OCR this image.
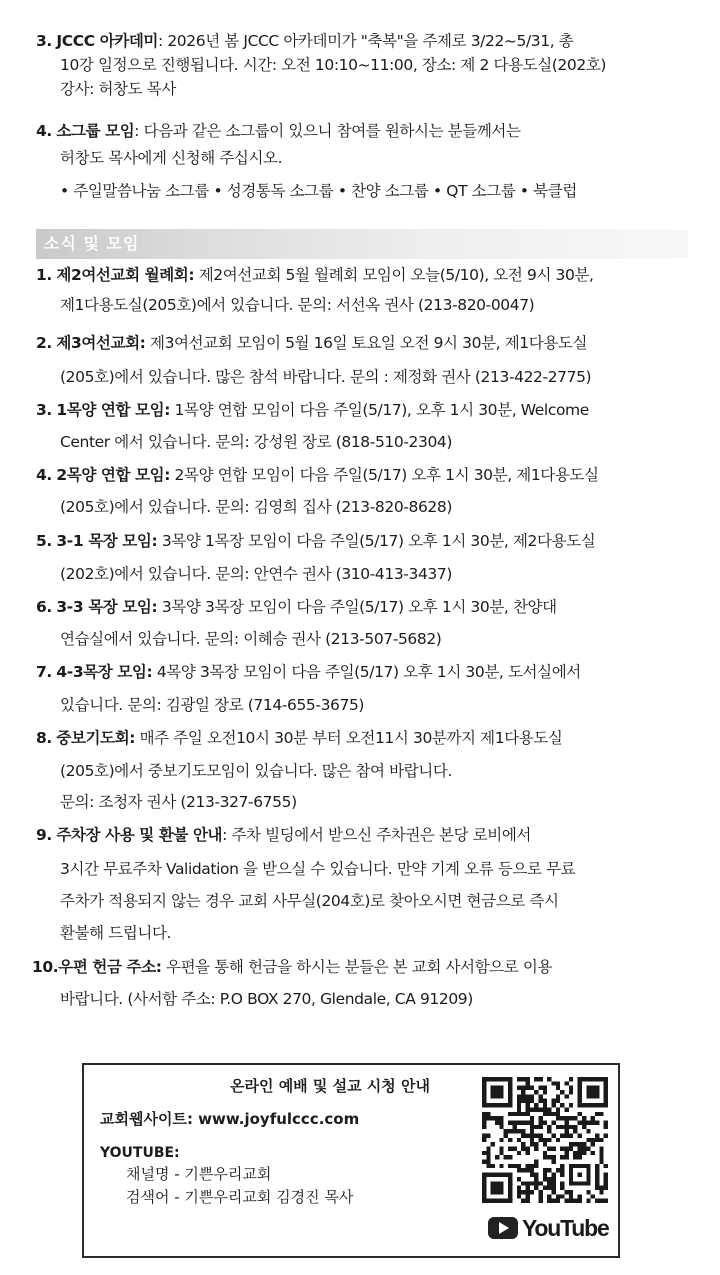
3. JCCC 아카데미: 2026년 봄 JCCC 아카데미가 "축복"을 주제로 3/22~5/31, 총
10강 일정으로 진행됩니다. 시간: 오전 10:10~11:00, 장소: 제 2 다용도실(202호)
강사: 허창도 목사
4. 소그룹 모임: 다음과 같은 소그룹이 있으니 참여를 원하시는 분들께서는
허창도 목사에게 신청해 주십시오.
• 주일말씀나눔 소그룹 • 성경통독 소그룹 • 찬양 소그룹 • QT 소그룹 • 북클럽
소식 및 모임
1. 제2여선교회 월례회: 제2여선교회 5월 월례회 모임이 오늘(5/10), 오전 9시 30분,
제1다용도실(205호)에서 있습니다. 문의: 서선옥 권사 (213-820-0047)
2. 제3여선교회: 제3여선교회 모임이 5월 16일 토요일 오전 9시 30분, 제1다용도실
(205호)에서 있습니다. 많은 참석 바랍니다. 문의 : 제정화 권사 (213-422-2775)
3. 1목양 연합 모임: 1목양 연합 모임이 다음 주일(5/17), 오후 1시 30분, Welcome
Center 에서 있습니다. 문의: 강성원 장로 (818-510-2304)
4. 2목양 연합 모임: 2목양 연합 모임이 다음 주일(5/17) 오후 1시 30분, 제1다용도실
(205호)에서 있습니다. 문의: 김영희 집사 (213-820-8628)
5. 3-1 목장 모임: 3목양 1목장 모임이 다음 주일(5/17) 오후 1시 30분, 제2다용도실
(202호)에서 있습니다. 문의: 안연수 권사 (310-413-3437)
6. 3-3 목장 모임: 3목양 3목장 모임이 다음 주일(5/17) 오후 1시 30분, 찬양대
연습실에서 있습니다. 문의: 이혜승 권사 (213-507-5682)
7. 4-3목장 모임: 4목양 3목장 모임이 다음 주일(5/17) 오후 1시 30분, 도서실에서
있습니다. 문의: 김광일 장로 (714-655-3675)
8. 중보기도회: 매주 주일 오전10시 30분 부터 오전11시 30분까지 제1다용도실
(205호)에서 중보기도모임이 있습니다. 많은 참여 바랍니다.
문의: 조청자 권사 (213-327-6755)
9. 주차장 사용 및 환불 안내: 주차 빌딩에서 받으신 주차권은 본당 로비에서
3시간 무료주차 Validation 을 받으실 수 있습니다. 만약 기계 오류 등으로 무료
주차가 적용되지 않는 경우 교회 사무실(204호)로 찾아오시면 현금으로 즉시
환불해 드립니다.
10.우편 헌금 주소: 우편을 통해 헌금을 하시는 분들은 본 교회 사서함으로 이용
바랍니다. (사서함 주소: P.O BOX 270, Glendale, CA 91209)
온라인 예배 및 설교 시청 안내
교회웹사이트: www.joyfulccc.com
YOUTUBE:
채널명 - 기쁜우리교회
검색어 - 기쁜우리교회 김경진 목사
YouTube
